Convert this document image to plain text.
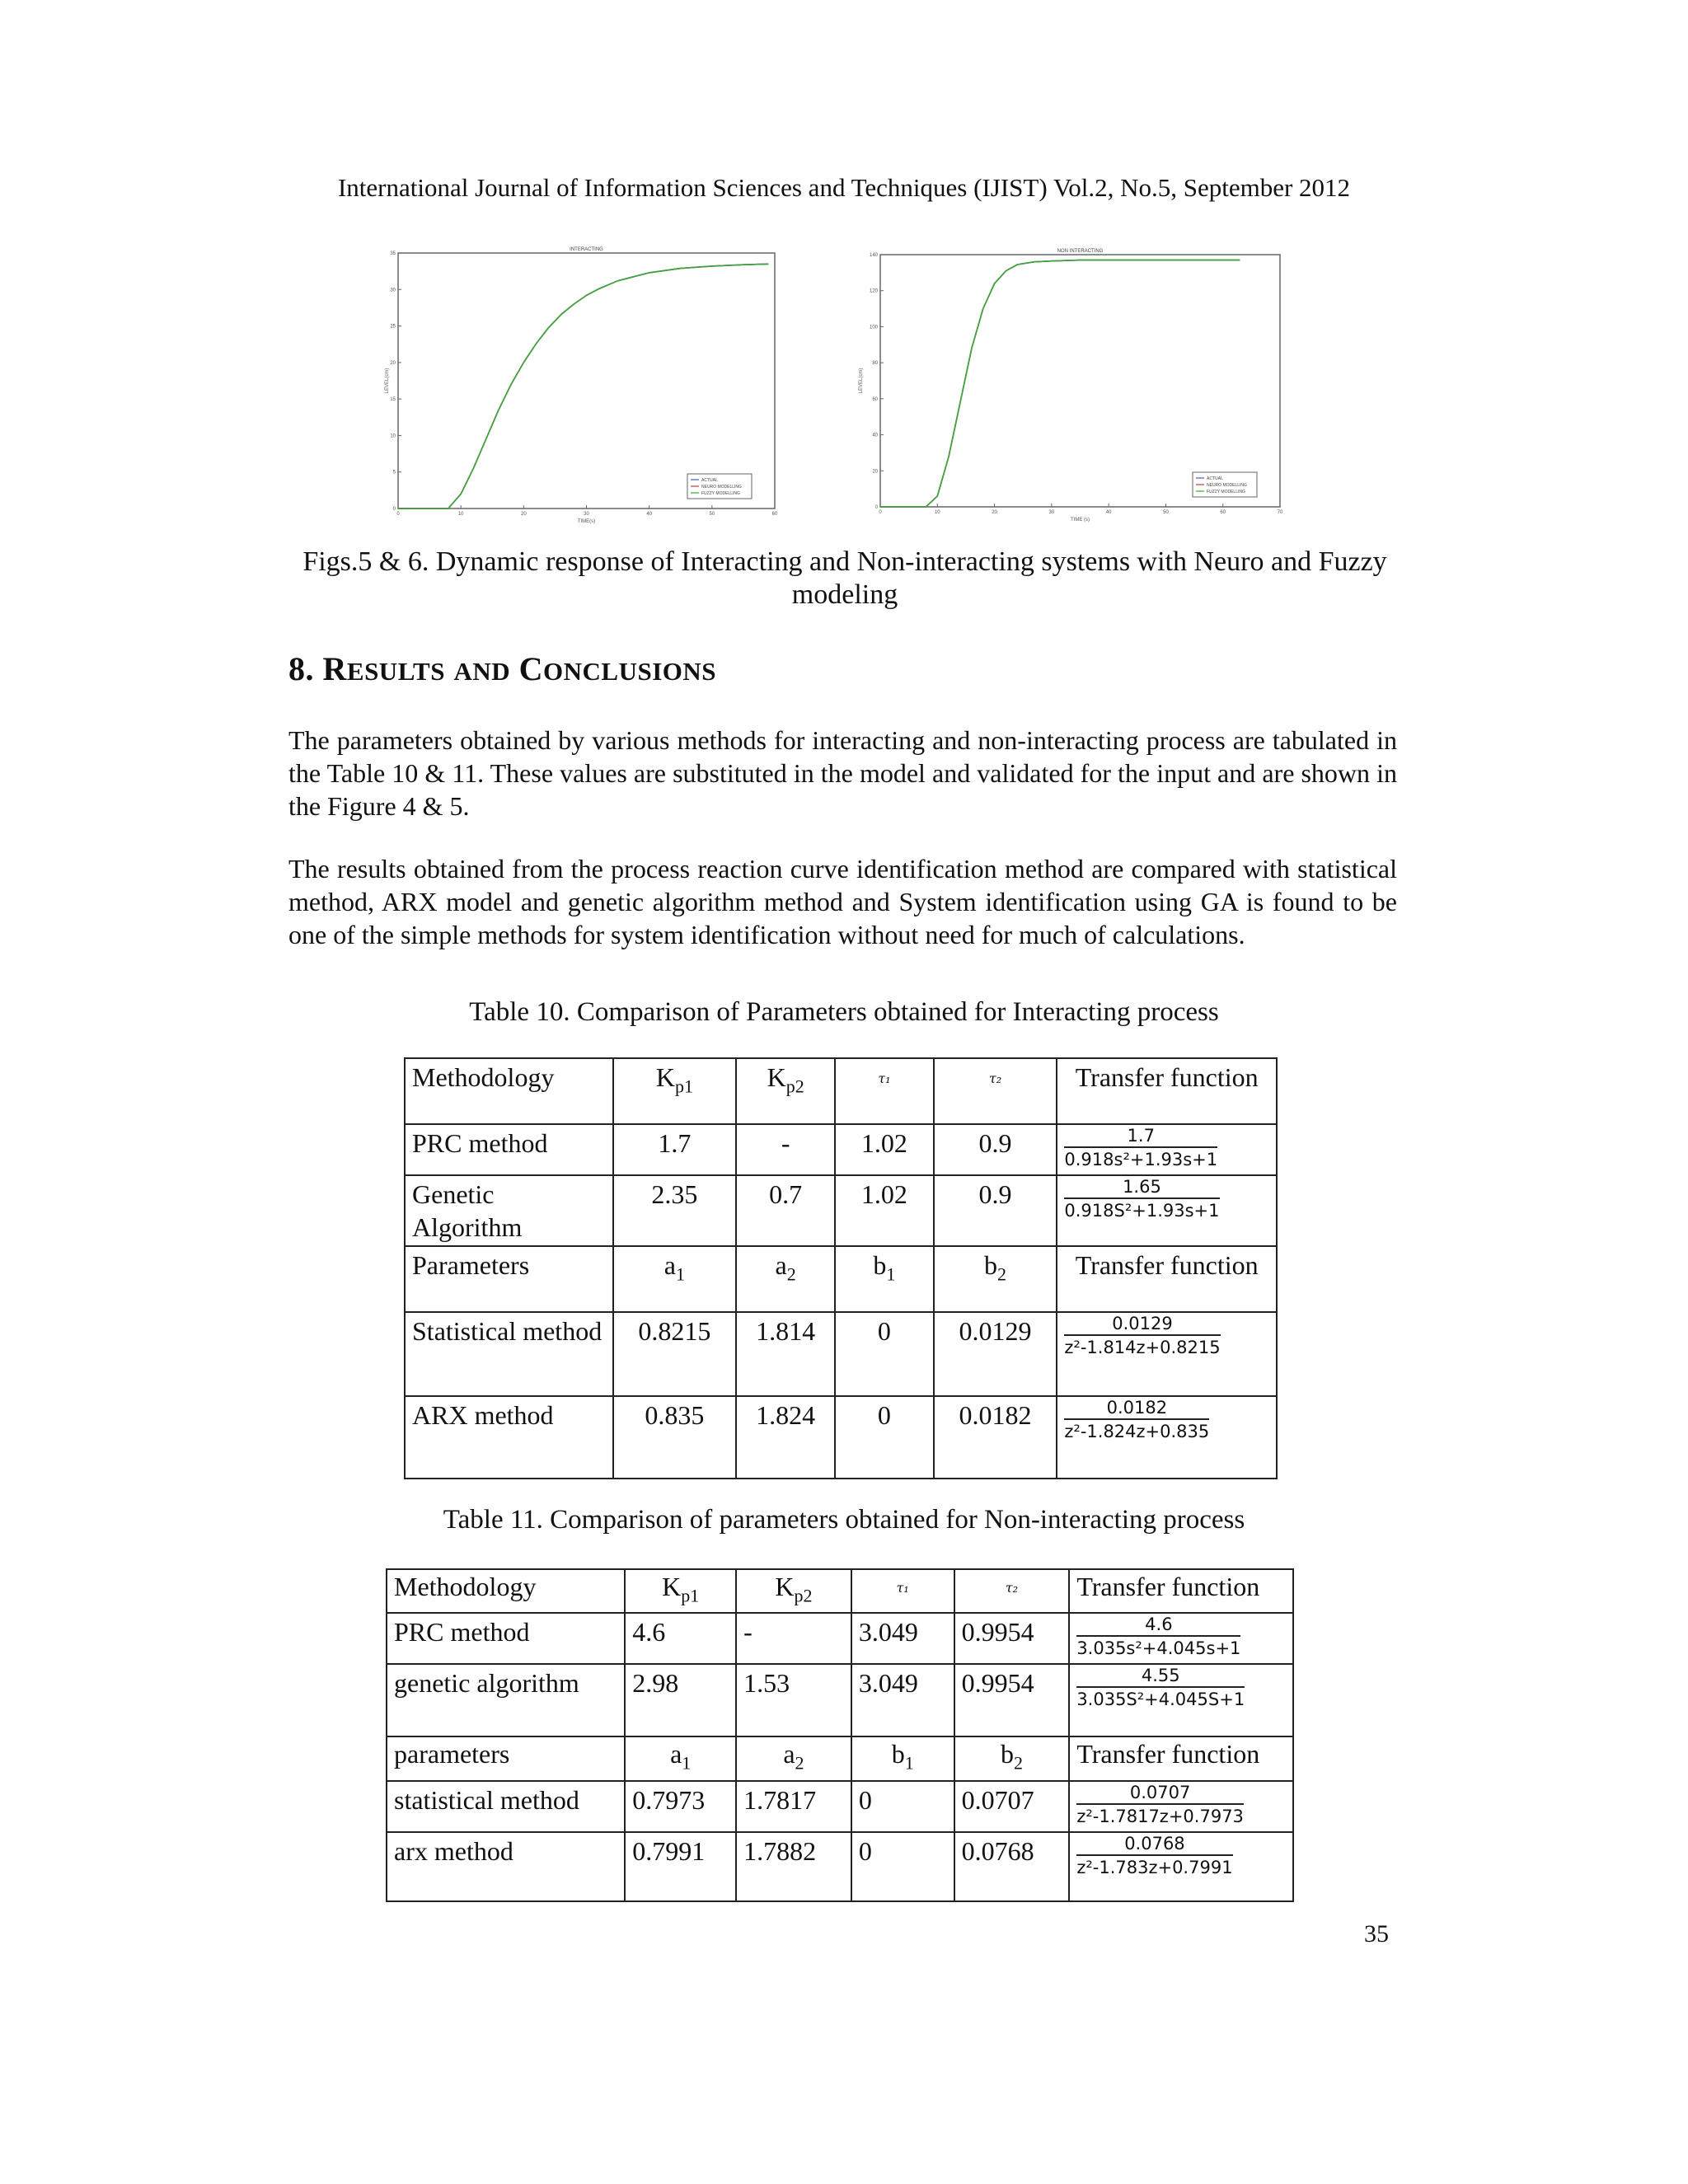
International Journal of Information Sciences and Techniques (IJIST) Vol.2, No.5, September 2012
INTERACTING
0	10	20	30	40	50	60
0
5
10
15
20
25
30
35
TIME(s)
LEVEL(cm)
ACTUAL
NEURO MODELLING
FUZZY MODELLING
NON INTERACTING
0	10	20	30	40	50	60	70
0
20
40
60
80
100
120
140
TIME (s)
LEVEL(cm)
ACTUAL
NEURO MODELLING
FUZZY MODELLING
Figs.5 & 6. Dynamic response of Interacting and Non-interacting systems with Neuro and Fuzzy modeling
8. RESULTS AND CONCLUSIONS
The parameters obtained by various methods for interacting and non-interacting process are tabulated in the Table 10 & 11. These values are substituted in the model and validated for the input and are shown in the Figure 4 & 5.
The results obtained from the process reaction curve identification method are compared with statistical method, ARX model and genetic algorithm method and System identification using GA is found to be one of the simple methods for system identification without need for much of calculations.
Table 10. Comparison of Parameters obtained for Interacting process
Methodology	$K_{p1}$	$K_{p2}$	τ₁	τ₂	Transfer function
PRC method	1.7	-	1.02	0.9	$\frac{1.7}{\text{0.918s²+1.93s+1}}$

Genetic Algorithm	2.35	0.7	1.02	0.9	$\frac{1.65}{\text{0.918S²+1.93s+1}}$

Parameters	$a_1$	$a_2$	$b_1$	$b_2$	Transfer function
Statistical method	0.8215	1.814	0	0.0129	$\frac{0.0129}{\text{z²-1.814z+0.8215}}$

ARX method	0.835	1.824	0	0.0182	$\frac{0.0182}{\text{z²-1.824z+0.835}}$
Table 11. Comparison of parameters obtained for Non-interacting process
Methodology	$K_{p1}$	$K_{p2}$	τ₁	τ₂	Transfer function
PRC method	4.6	-	3.049	0.9954	$\frac{4.6}{\text{3.035s²+4.045s+1}}$

genetic algorithm	2.98	1.53	3.049	0.9954	$\frac{4.55}{\text{3.035S²+4.045S+1}}$

parameters	$a_1$	$a_2$	$b_1$	$b_2$	Transfer function
statistical method	0.7973	1.7817	0	0.0707	$\frac{0.0707}{\text{z²-1.7817z+0.7973}}$

arx method	0.7991	1.7882	0	0.0768	$\frac{0.0768}{\text{z²-1.783z+0.7991}}$
35
